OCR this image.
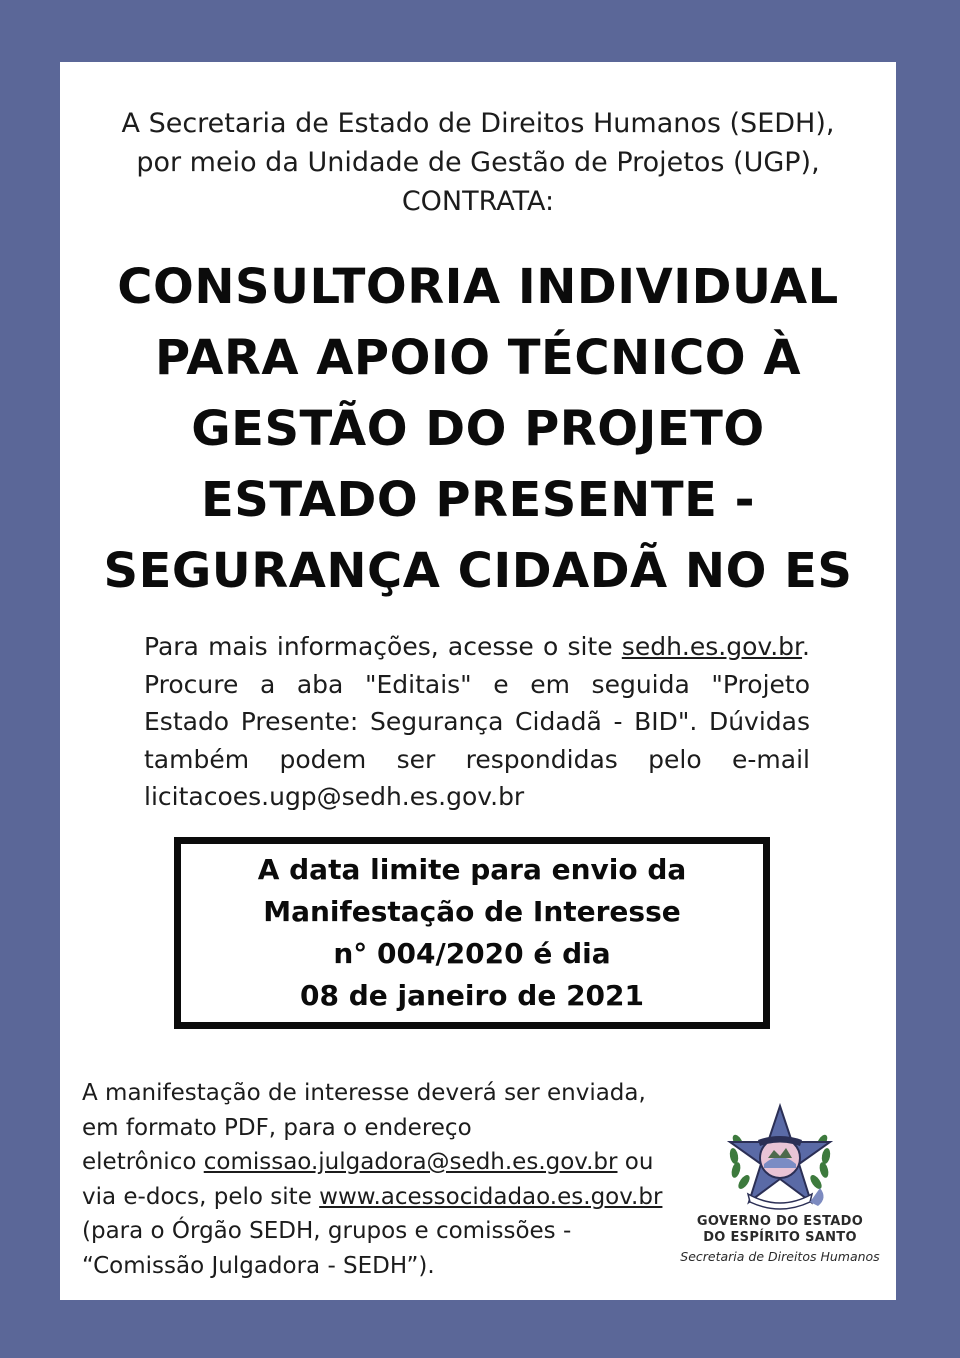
A Secretaria de Estado de Direitos Humanos (SEDH),
por meio da Unidade de Gestão de Projetos (UGP),
CONTRATA:
CONSULTORIA INDIVIDUAL
PARA APOIO TÉCNICO À
GESTÃO DO PROJETO
ESTADO PRESENTE -
SEGURANÇA CIDADÃ NO ES
Para mais informações, acesse o site sedh.es.gov.br.
Procure a aba "Editais" e em seguida "Projeto
Estado Presente: Segurança Cidadã - BID". Dúvidas
também podem ser respondidas pelo e-mail
licitacoes.ugp@sedh.es.gov.br
A data limite para envio da
Manifestação de Interesse
n° 004/2020 é dia
08 de janeiro de 2021
A manifestação de interesse deverá ser enviada,
em formato PDF, para o endereço
eletrônico comissao.julgadora@sedh.es.gov.br ou
via e-docs, pelo site www.acessocidadao.es.gov.br
(para o Órgão SEDH, grupos e comissões -
“Comissão Julgadora - SEDH”).
GOVERNO DO ESTADO
DO ESPÍRITO SANTO
Secretaria de Direitos Humanos
